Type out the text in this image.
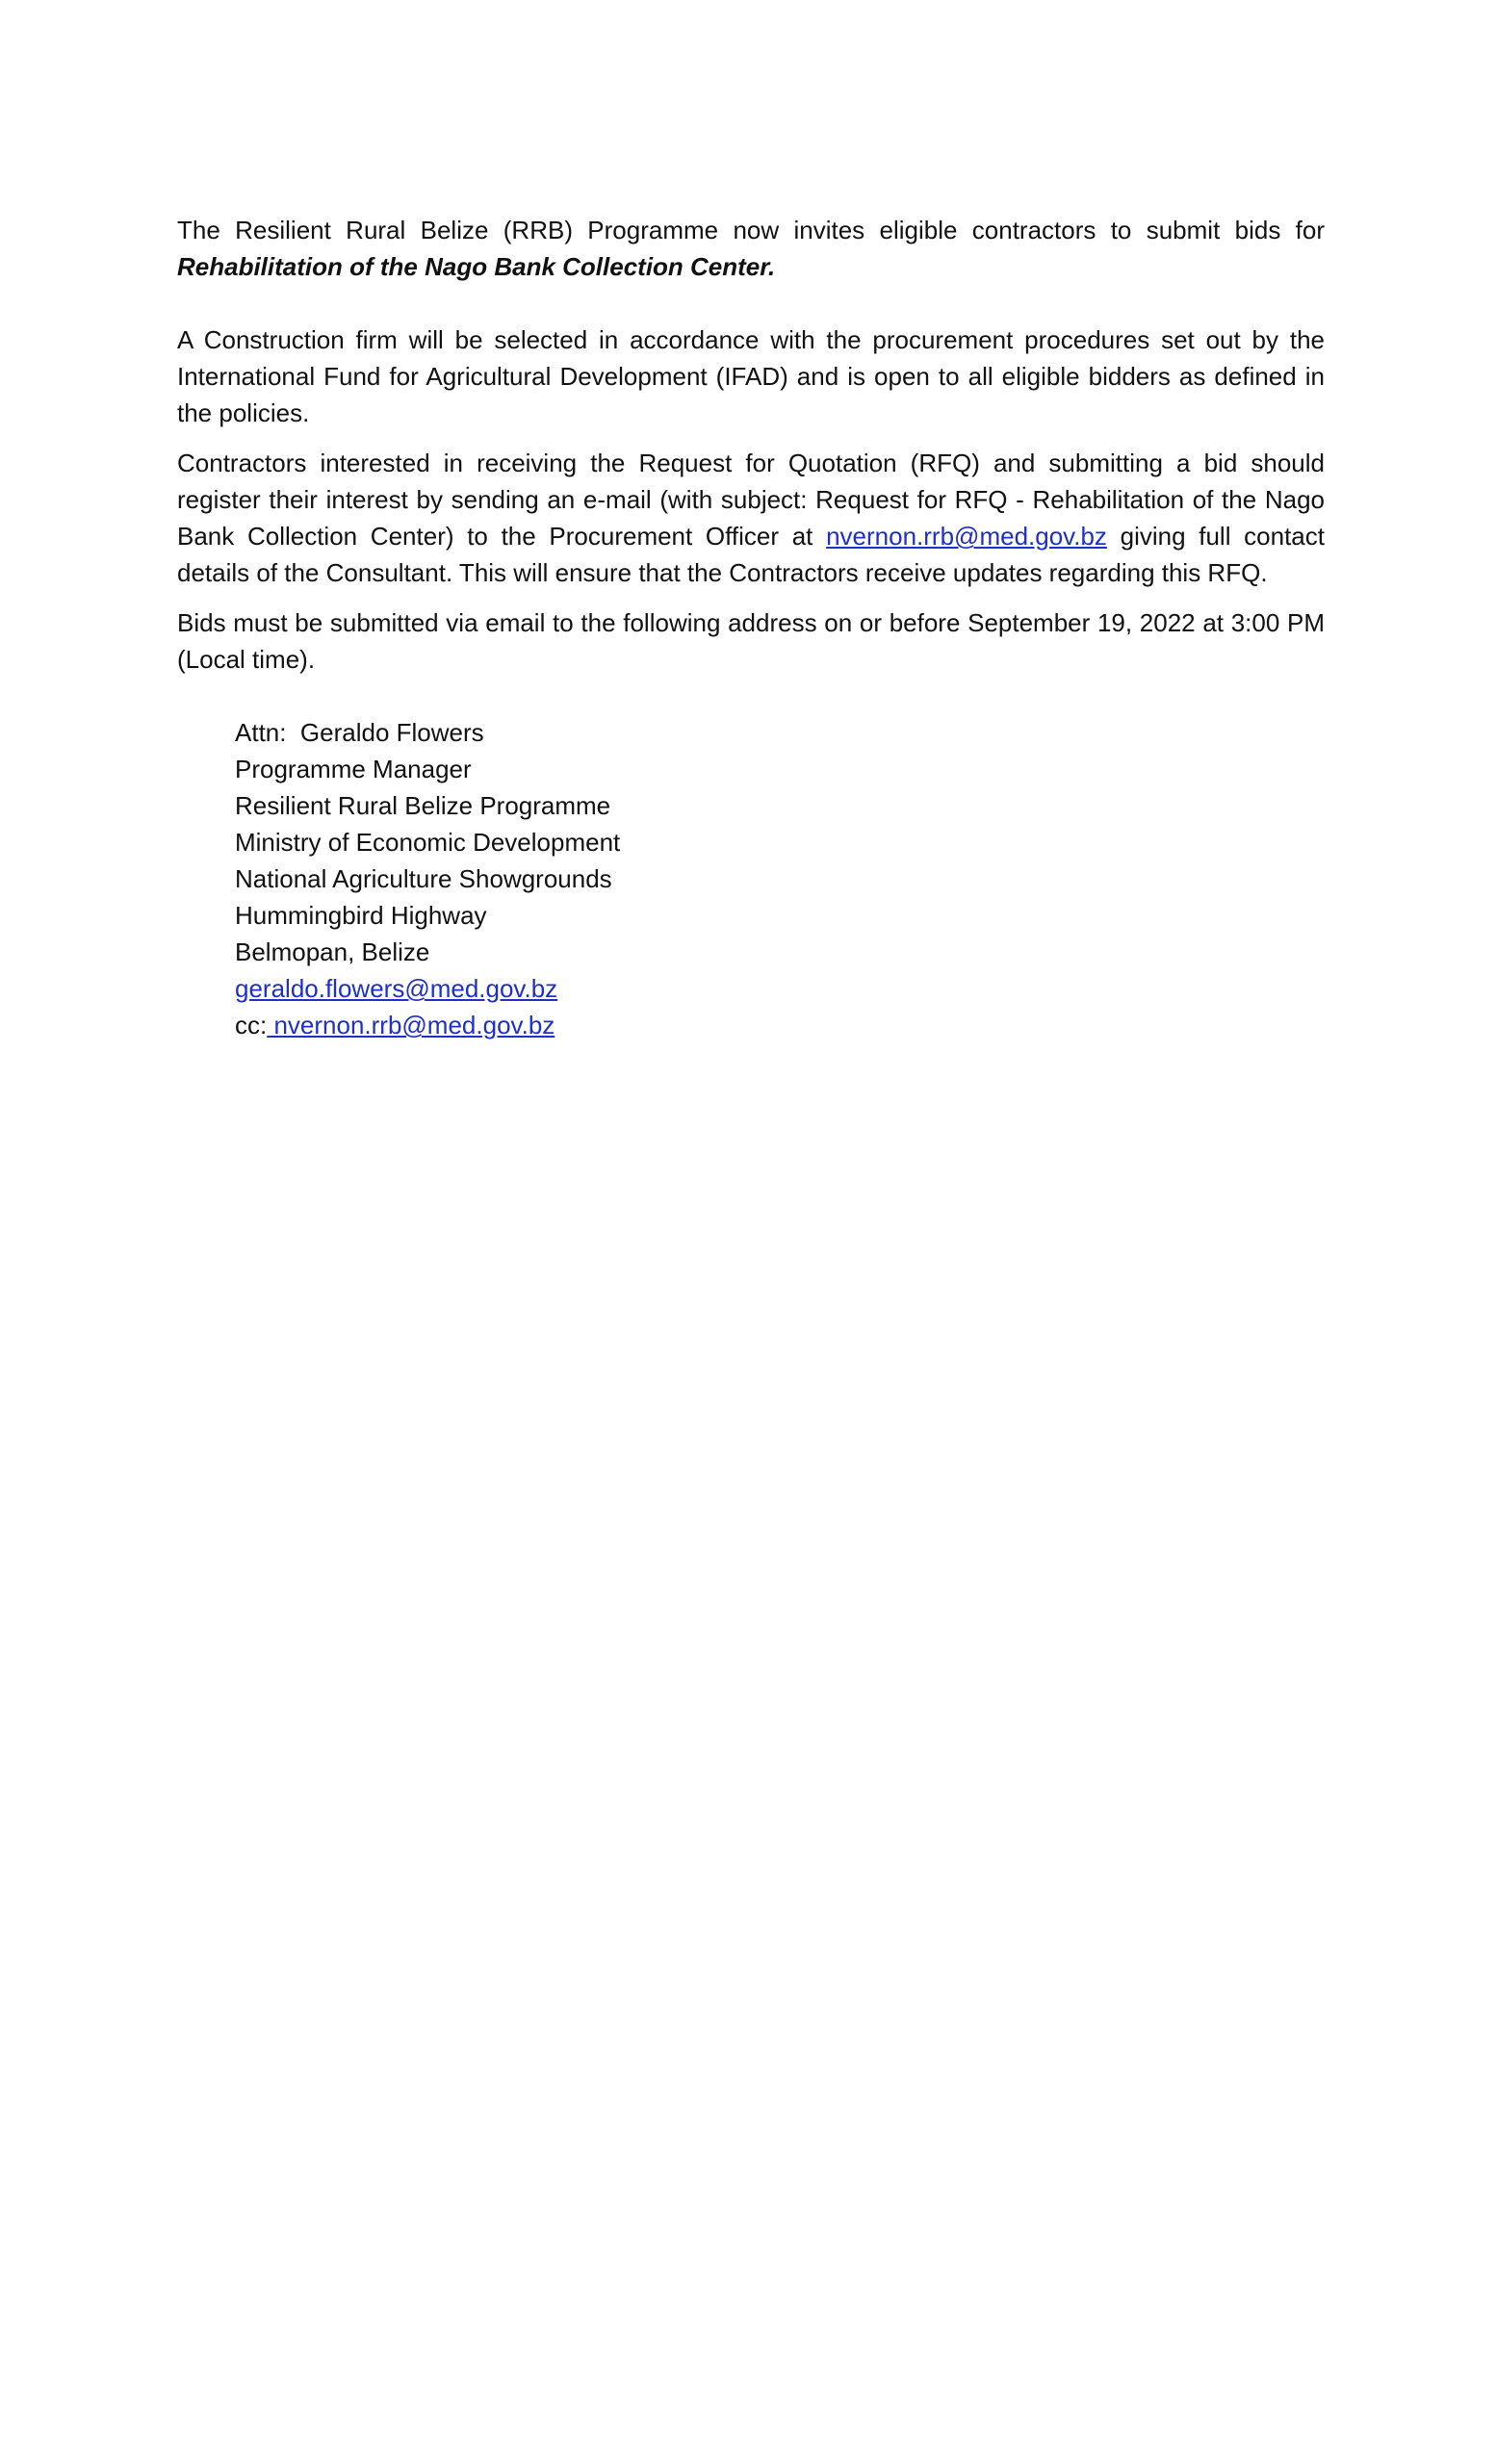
The Resilient Rural Belize (RRB) Programme now invites eligible contractors to submit bids for Rehabilitation of the Nago Bank Collection Center.

A Construction firm will be selected in accordance with the procurement procedures set out by the International Fund for Agricultural Development (IFAD) and is open to all eligible bidders as defined in the policies.

Contractors interested in receiving the Request for Quotation (RFQ) and submitting a bid should register their interest by sending an e-mail (with subject: Request for RFQ - Rehabilitation of the Nago Bank Collection Center) to the Procurement Officer at nvernon.rrb@med.gov.bz giving full contact details of the Consultant. This will ensure that the Contractors receive updates regarding this RFQ.

Bids must be submitted via email to the following address on or before September 19, 2022 at 3:00 PM (Local time).

Attn:  Geraldo Flowers
Programme Manager
Resilient Rural Belize Programme
Ministry of Economic Development
National Agriculture Showgrounds
Hummingbird Highway
Belmopan, Belize
geraldo.flowers@med.gov.bz
cc: nvernon.rrb@med.gov.bz
